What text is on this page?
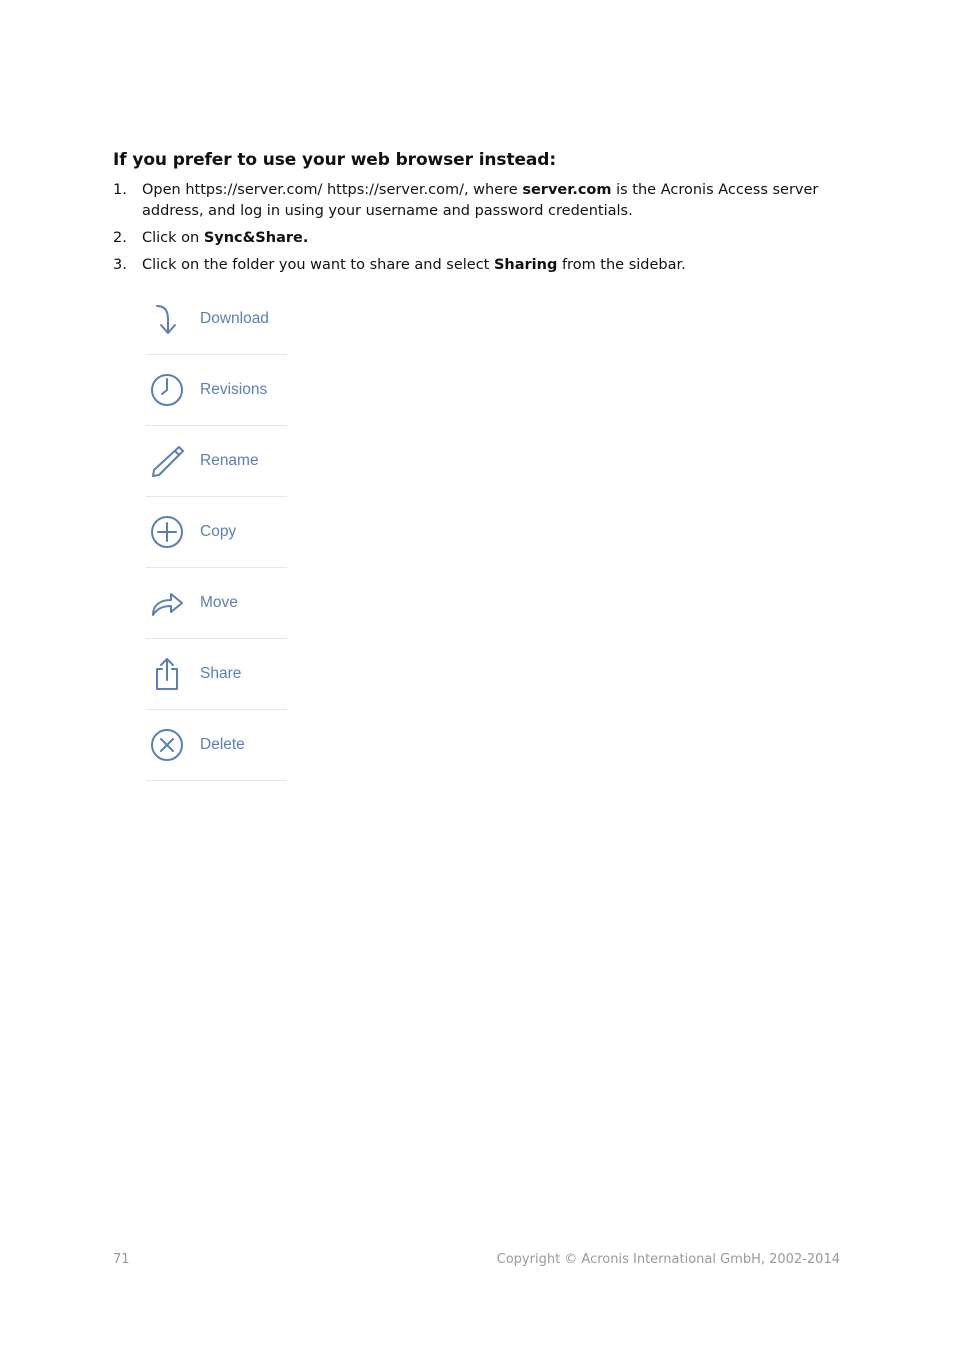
If you prefer to use your web browser instead:
1. Open https://server.com/ https://server.com/, where server.com is the Acronis Access server address, and log in using your username and password credentials.
2. Click on Sync&Share.
3. Click on the folder you want to share and select Sharing from the sidebar.
Download
Revisions
Rename
Copy
Move
Share
Delete
71	Copyright © Acronis International GmbH, 2002-2014
